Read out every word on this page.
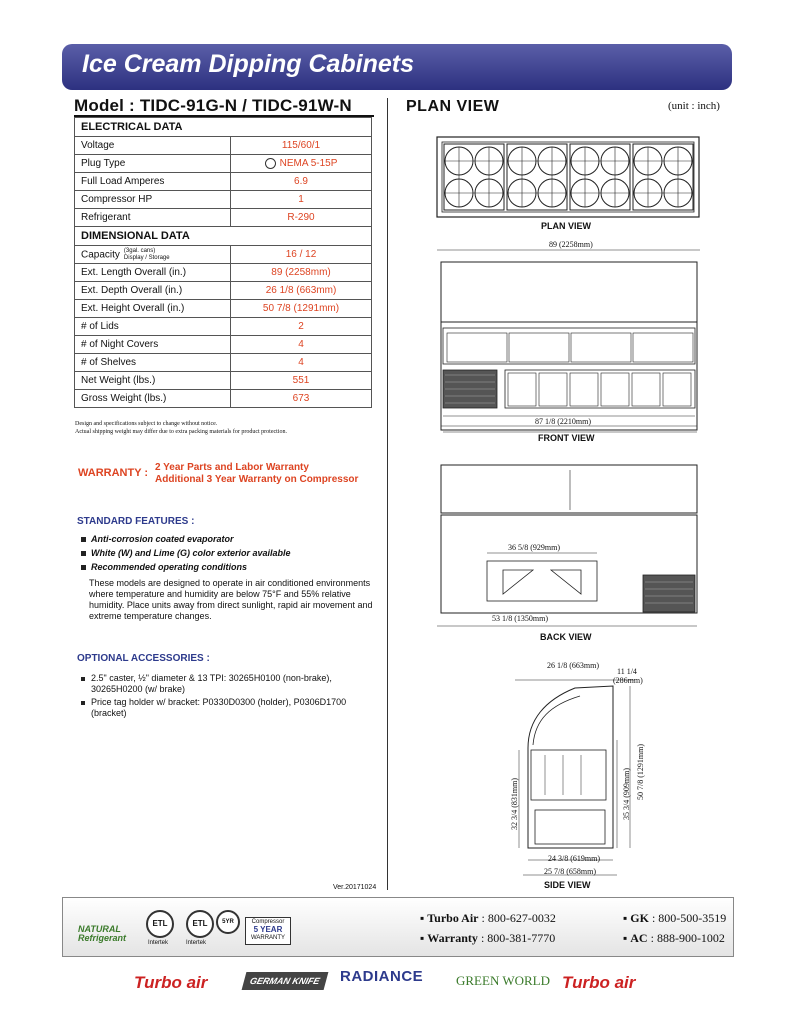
Ice Cream Dipping Cabinets
Model : TIDC-91G-N / TIDC-91W-N	PLAN VIEW	(unit : inch)
ELECTRICAL DATA	
Voltage	115/60/1
Plug Type	NEMA 5-15P
Full Load Amperes	6.9
Compressor HP	1
Refrigerant	R-290
DIMENSIONAL DATA	
Capacity (3gal. cans)
Display / Storage	16 / 12
Ext. Length Overall (in.)	89 (2258mm)
Ext. Depth Overall (in.)	26 1/8 (663mm)
Ext. Height Overall (in.)	50 7/8 (1291mm)
# of Lids	2
# of Night Covers	4
# of Shelves	4
Net Weight (lbs.)	551
Gross Weight (lbs.)	673
Design and specifications subject to change without notice.
Actual shipping weight may differ due to extra packing materials for product protection.
WARRANTY : 2 Year Parts and Labor Warranty
Additional 3 Year Warranty on Compressor
STANDARD FEATURES :
Anti-corrosion coated evaporator
White (W) and Lime (G) color exterior available
Recommended operating conditions
These models are designed to operate in air conditioned environments where temperature and humidity are below 75°F and 55% relative humidity. Place units away from direct sunlight, rapid air movement and extreme temperature changes.
OPTIONAL ACCESSORIES :
2.5" caster, ½" diameter & 13 TPI: 30265H0100 (non-brake), 30265H0200 (w/ brake)
Price tag holder w/ bracket: P0330D0300 (holder), P0306D1700 (bracket)
PLAN VIEW
89 (2258mm)
87 1/8 (2210mm)
FRONT VIEW
36 5/8 (929mm)
53 1/8 (1350mm)
BACK VIEW
26 1/8 (663mm)
11 1/4
(286mm)
50 7/8 (1291mm)
35 3/4 (909mm)
32 3/4 (831mm)
24 3/8 (619mm)
25 7/8 (658mm)
SIDE VIEW
Ver.20171024
NATURAL
Refrigerant
ETL
Intertek
ETL
Intertek
5YR	Compressor
5 YEAR
WARRANTY
▪ Turbo Air : 800-627-0032	▪ GK : 800-500-3519
▪ Warranty : 800-381-7770	▪ AC : 888-900-1002
Turbo air	GERMAN KNIFE	RADIANCE	GREEN WORLD Turbo air
